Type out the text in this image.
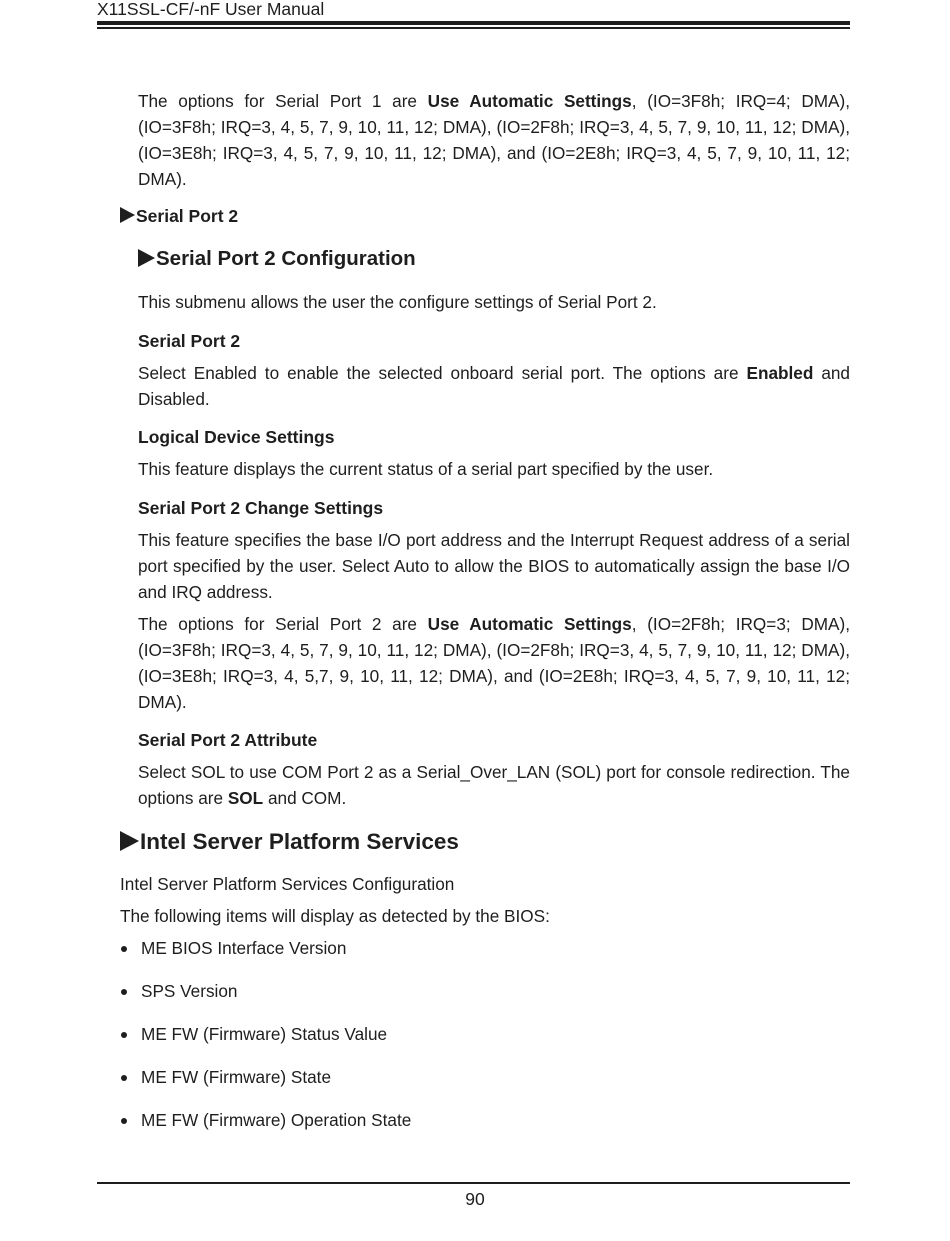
X11SSL-CF/-nF User Manual

The options for Serial Port 1 are Use Automatic Settings, (IO=3F8h; IRQ=4; DMA), (IO=3F8h; IRQ=3, 4, 5, 7, 9, 10, 11, 12; DMA), (IO=2F8h; IRQ=3, 4, 5, 7, 9, 10, 11, 12; DMA), (IO=3E8h; IRQ=3, 4, 5, 7, 9, 10, 11, 12; DMA), and (IO=2E8h; IRQ=3, 4, 5, 7, 9, 10, 11, 12; DMA).

Serial Port 2
Serial Port 2 Configuration

This submenu allows the user the configure settings of Serial Port 2.

Serial Port 2

Select Enabled to enable the selected onboard serial port. The options are Enabled and Disabled.

Logical Device Settings

This feature displays the current status of a serial part specified by the user.

Serial Port 2 Change Settings

This feature specifies the base I/O port address and the Interrupt Request address of a serial port specified by the user. Select Auto to allow the BIOS to automatically assign the base I/O and IRQ address.

The options for Serial Port 2 are Use Automatic Settings, (IO=2F8h; IRQ=3; DMA), (IO=3F8h; IRQ=3, 4, 5, 7, 9, 10, 11, 12; DMA), (IO=2F8h; IRQ=3, 4, 5, 7, 9, 10, 11, 12; DMA), (IO=3E8h; IRQ=3, 4, 5,7, 9, 10, 11, 12; DMA), and (IO=2E8h; IRQ=3, 4, 5, 7, 9, 10, 11, 12; DMA).

Serial Port 2 Attribute

Select SOL to use COM Port 2 as a Serial_Over_LAN (SOL) port for console redirection. The options are SOL and COM.

Intel Server Platform Services

Intel Server Platform Services Configuration

The following items will display as detected by the BIOS:

ME BIOS Interface Version
SPS Version
ME FW (Firmware) Status Value
ME FW (Firmware) State
ME FW (Firmware) Operation State
90
